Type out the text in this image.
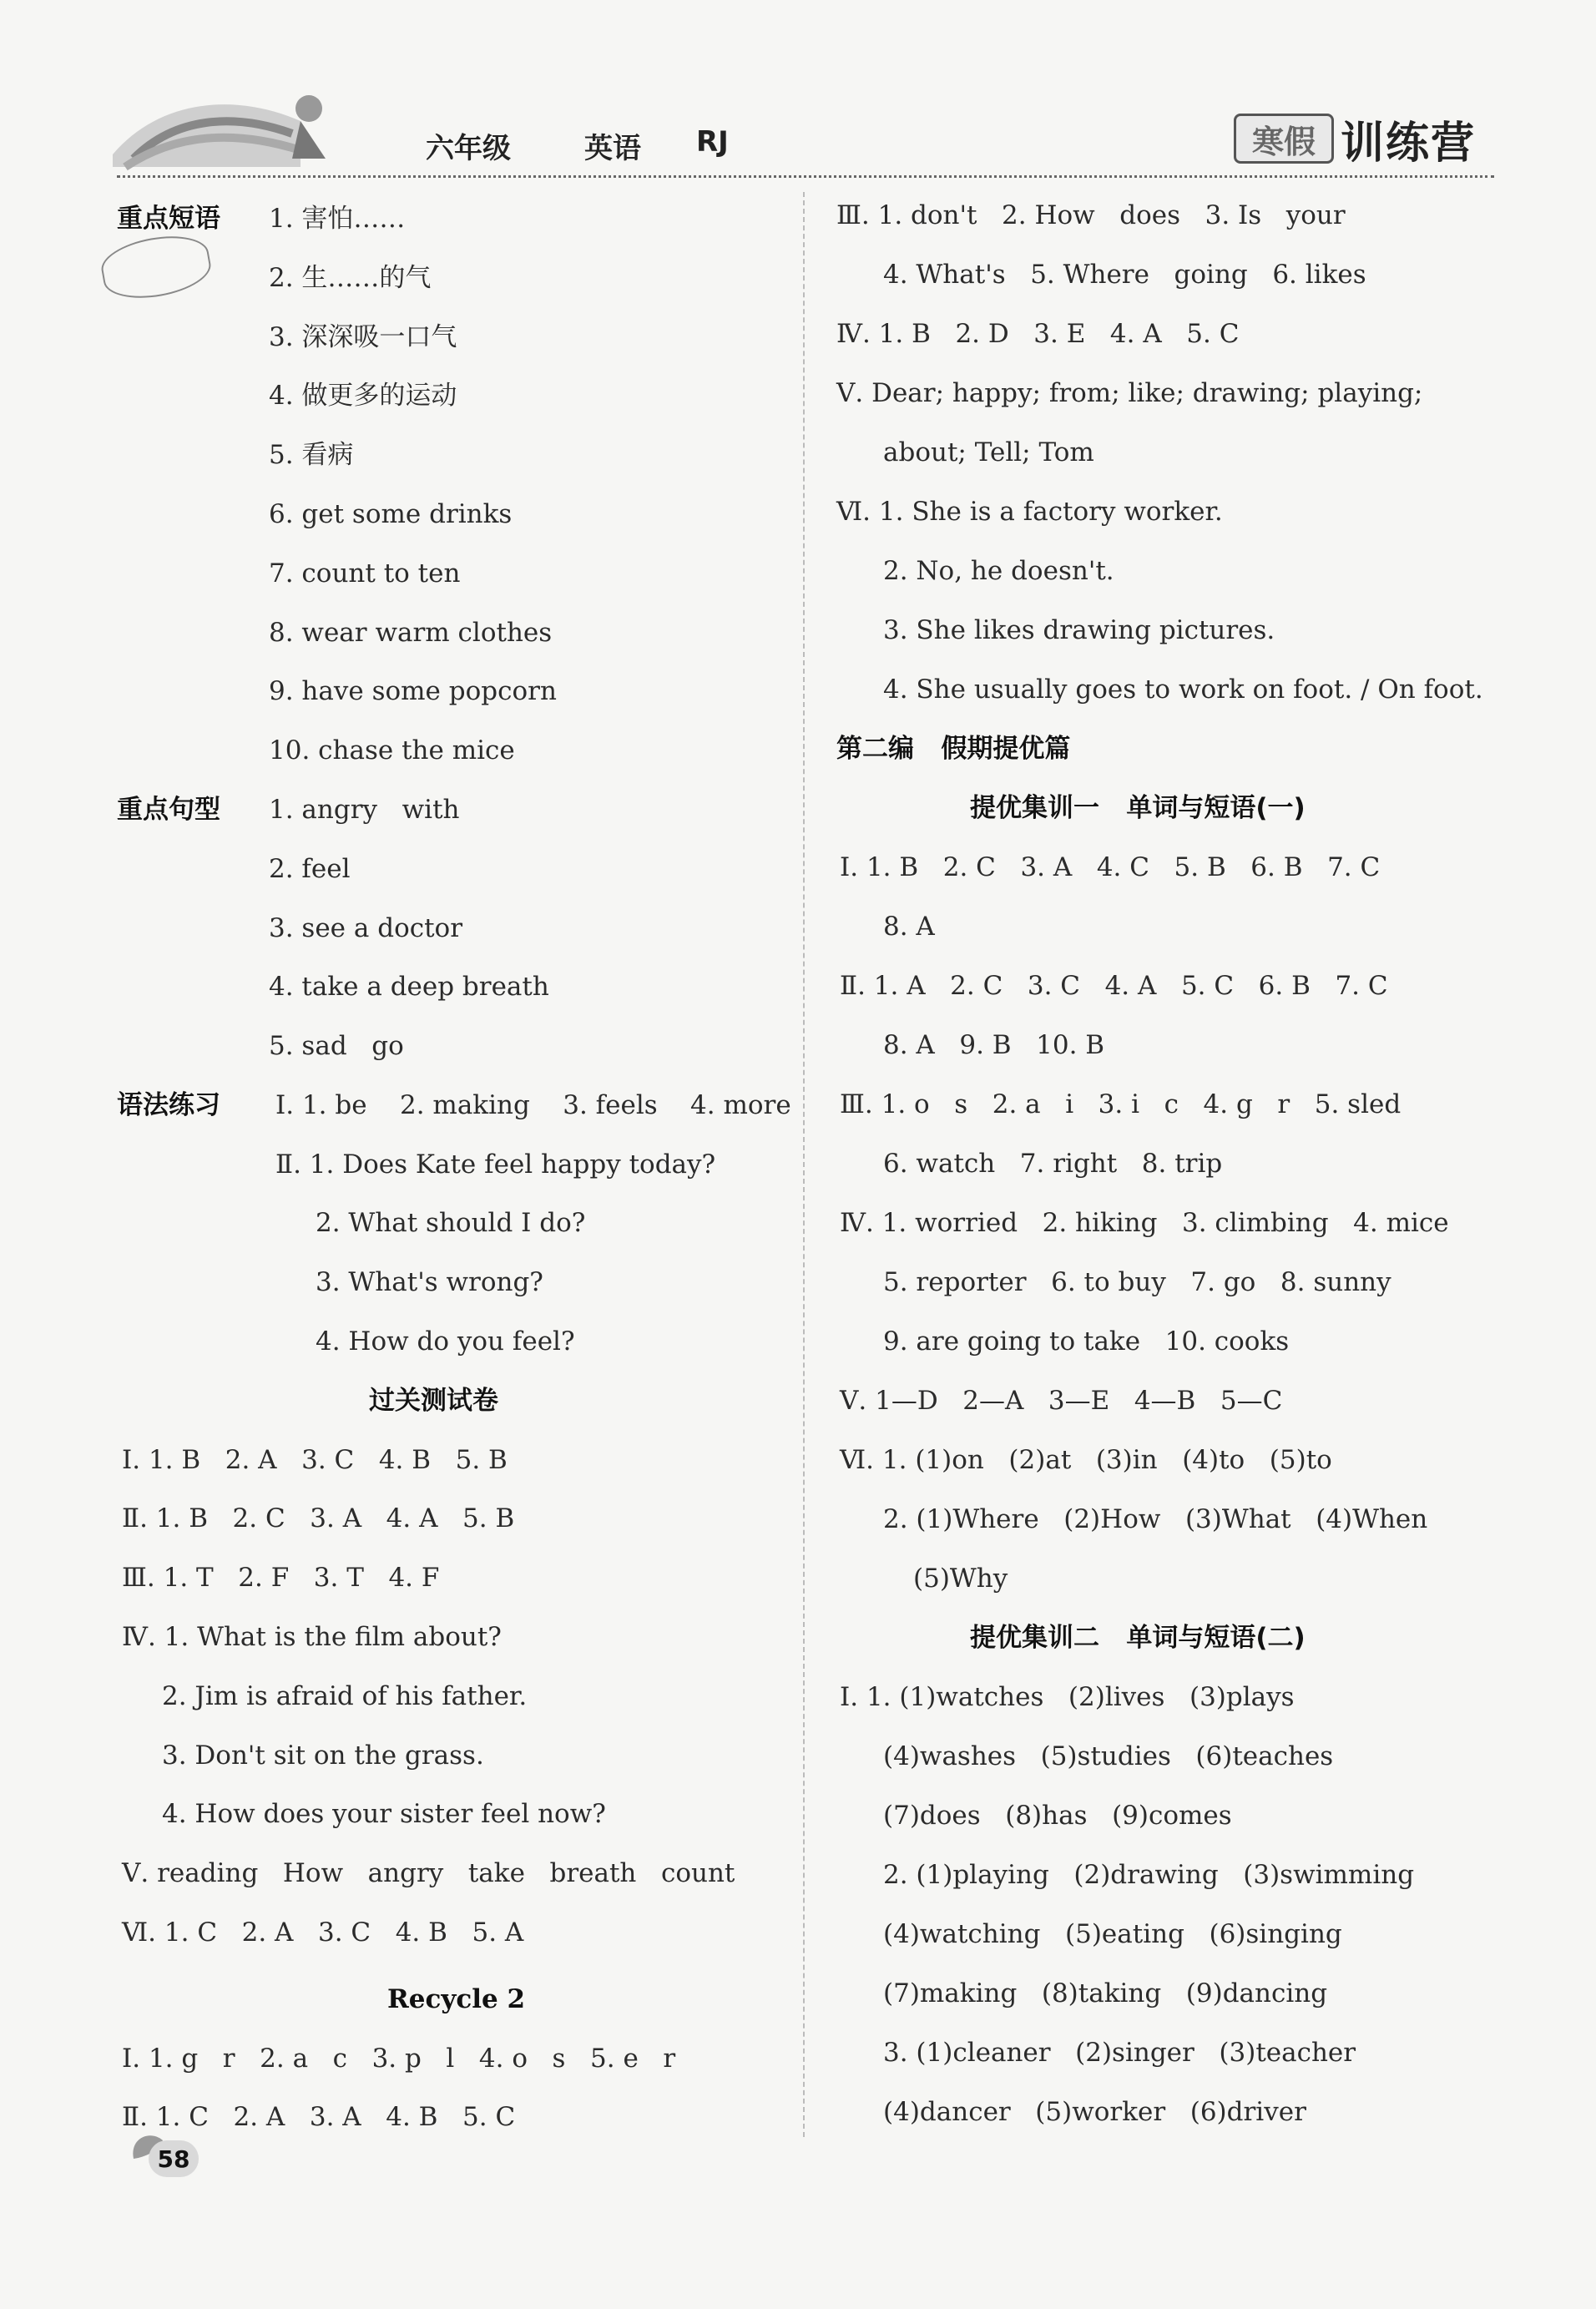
六年级	英语 RJ	寒假 训练营
重点短语 1. 害怕……
2. 生……的气
3. 深深吸一口气
4. 做更多的运动
5. 看病
6. get some drinks
7. count to ten
8. wear warm clothes
9. have some popcorn
10. chase the mice
重点句型 1. angry   with
2. feel
3. see a doctor
4. take a deep breath
5. sad   go
语法练习 Ⅰ. 1. be    2. making    3. feels    4. more
Ⅱ. 1. Does Kate feel happy today?
2. What should I do?
3. What's wrong?
4. How do you feel?
过关测试卷
Ⅰ. 1. B   2. A   3. C   4. B   5. B
Ⅱ. 1. B   2. C   3. A   4. A   5. B
Ⅲ. 1. T   2. F   3. T   4. F
Ⅳ. 1. What is the film about?
2. Jim is afraid of his father.
3. Don't sit on the grass.
4. How does your sister feel now?
Ⅴ. reading   How   angry   take   breath   count
Ⅵ. 1. C   2. A   3. C   4. B   5. A
Recycle 2
Ⅰ. 1. g   r   2. a   c   3. p   l   4. o   s   5. e   r
Ⅱ. 1. C   2. A   3. A   4. B   5. C
Ⅲ. 1. don't   2. How   does   3. Is   your
4. What's   5. Where   going   6. likes
Ⅳ. 1. B   2. D   3. E   4. A   5. C
Ⅴ. Dear; happy; from; like; drawing; playing;
about; Tell; Tom
Ⅵ. 1. She is a factory worker.
2. No, he doesn't.
3. She likes drawing pictures.
4. She usually goes to work on foot. / On foot.
第二编   假期提优篇
提优集训一   单词与短语(一)
Ⅰ. 1. B   2. C   3. A   4. C   5. B   6. B   7. C
8. A
Ⅱ. 1. A   2. C   3. C   4. A   5. C   6. B   7. C
8. A   9. B   10. B
Ⅲ. 1. o   s   2. a   i   3. i   c   4. g   r   5. sled
6. watch   7. right   8. trip
Ⅳ. 1. worried   2. hiking   3. climbing   4. mice
5. reporter   6. to buy   7. go   8. sunny
9. are going to take   10. cooks
Ⅴ. 1—D   2—A   3—E   4—B   5—C
Ⅵ. 1. (1)on   (2)at   (3)in   (4)to   (5)to
2. (1)Where   (2)How   (3)What   (4)When
(5)Why
提优集训二   单词与短语(二)
Ⅰ. 1. (1)watches   (2)lives   (3)plays
(4)washes   (5)studies   (6)teaches
(7)does   (8)has   (9)comes
2. (1)playing   (2)drawing   (3)swimming
(4)watching   (5)eating   (6)singing
(7)making   (8)taking   (9)dancing
3. (1)cleaner   (2)singer   (3)teacher
(4)dancer   (5)worker   (6)driver
58
